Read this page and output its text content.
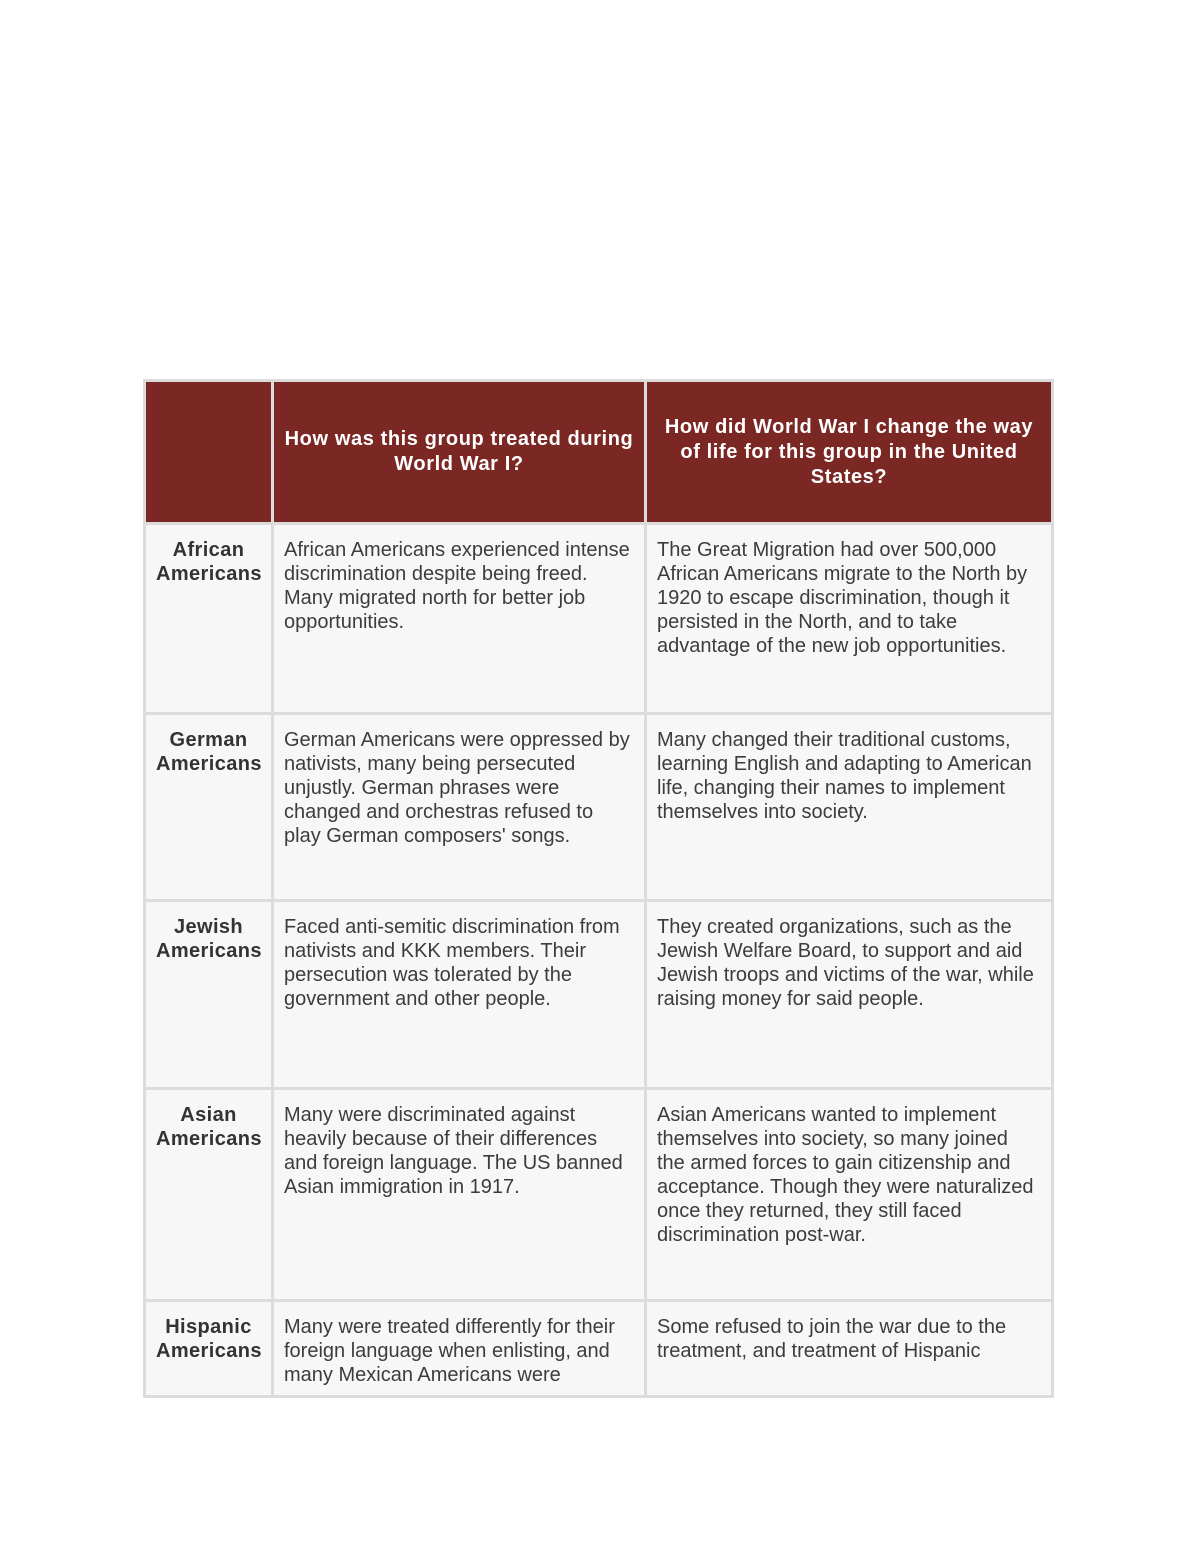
	How was this group treated during World War I?	How did World War I change the way of life for this group in the United States?
African Americans	African Americans experienced intense discrimination despite being freed. Many migrated north for better job opportunities.	The Great Migration had over 500,000 African Americans migrate to the North by 1920 to escape discrimination, though it persisted in the North, and to take advantage of the new job opportunities.
German Americans	German Americans were oppressed by nativists, many being persecuted unjustly. German phrases were changed and orchestras refused to play German composers' songs.	Many changed their traditional customs, learning English and adapting to American life, changing their names to implement themselves into society.
Jewish Americans	Faced anti-semitic discrimination from nativists and KKK members. Their persecution was tolerated by the government and other people.	They created organizations, such as the Jewish Welfare Board, to support and aid Jewish troops and victims of the war, while raising money for said people.
Asian Americans	Many were discriminated against heavily because of their differences and foreign language. The US banned Asian immigration in 1917.	Asian Americans wanted to implement themselves into society, so many joined the armed forces to gain citizenship and acceptance. Though they were naturalized once they returned, they still faced discrimination post-war.
Hispanic Americans	Many were treated differently for their foreign language when enlisting, and many Mexican Americans were	Some refused to join the war due to the treatment, and treatment of Hispanic
